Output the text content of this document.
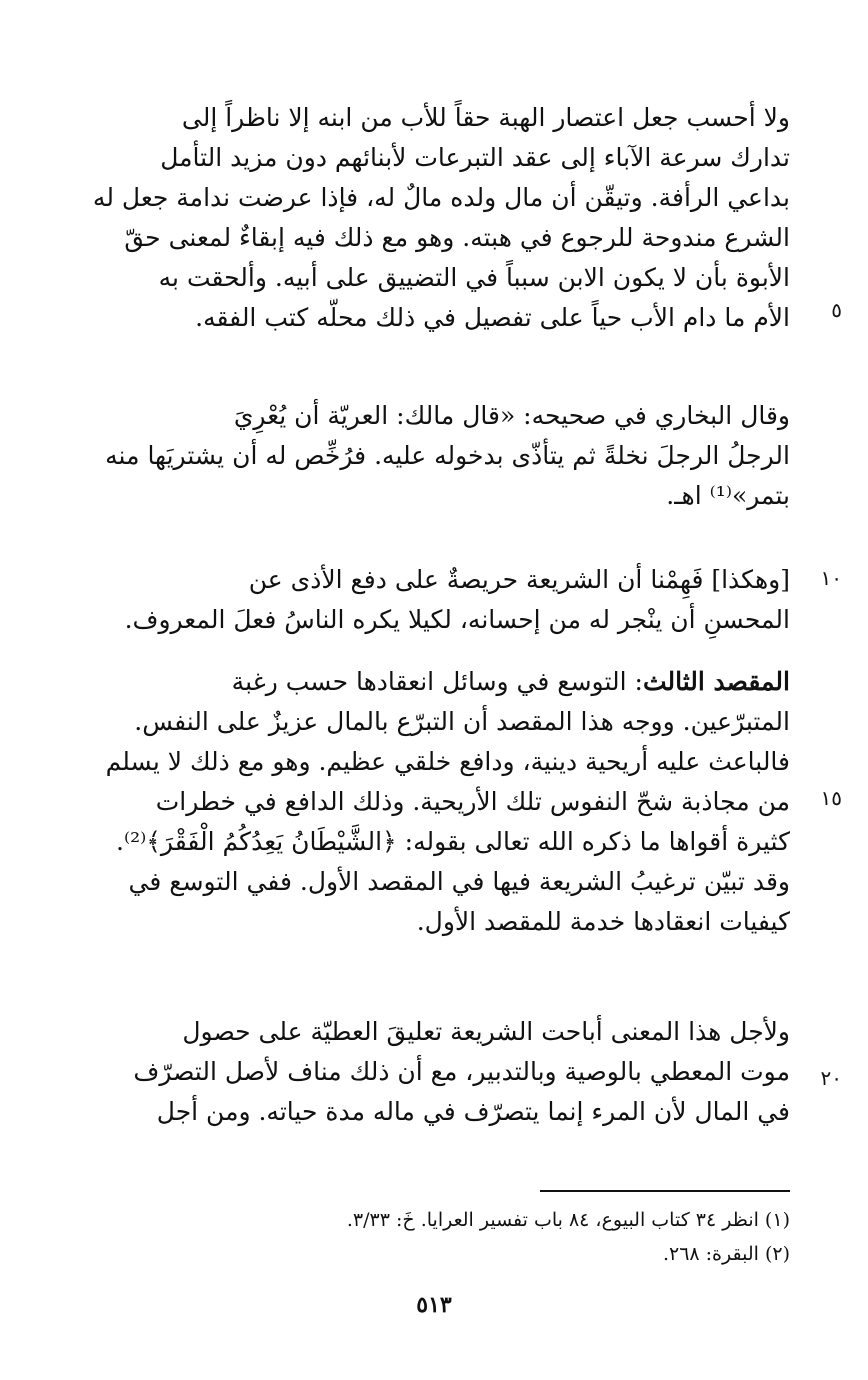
ولا أحسب جعل اعتصار الهبة حقاً للأب من ابنه إلا ناظراً إلى
تدارك سرعة الآباء إلى عقد التبرعات لأبنائهم دون مزيد التأمل
بداعي الرأفة. وتيقّن أن مال ولده مالٌ له، فإذا عرضت ندامة جعل له
الشرع مندوحة للرجوع في هبته. وهو مع ذلك فيه إبقاءٌ لمعنى حقّ
الأبوة بأن لا يكون الابن سبباً في التضييق على أبيه. وألحقت به
الأم ما دام الأب حياً على تفصيل في ذلك محلُّه كتب الفقه.
وقال البخاري في صحيحه: «قال مالك: العريّة أن يُعْرِيَ
الرجلُ الرجلَ نخلةً ثم يتأذّى بدخوله عليه. فرُخِّص له أن يشتريَها منه
بتمر»⁽¹⁾ اهـ.
[وهكذا] فَهِمْنا أن الشريعة حريصةٌ على دفع الأذى عن
المحسنِ أن ينْجر له من إحسانه، لكيلا يكره الناسُ فعلَ المعروف.
المقصد الثالث: التوسع في وسائل انعقادها حسب رغبة
المتبرّعين. ووجه هذا المقصد أن التبرّع بالمال عزيزٌ على النفس.
فالباعث عليه أريحية دينية، ودافع خلقي عظيم. وهو مع ذلك لا يسلم
من مجاذبة شحّ النفوس تلك الأريحية. وذلك الدافع في خطرات
كثيرة أقواها ما ذكره الله تعالى بقوله: ﴿الشَّيْطَانُ يَعِدُكُمُ الْفَقْرَ﴾⁽²⁾.
وقد تبيّن ترغيبُ الشريعة فيها في المقصد الأول. ففي التوسع في
كيفيات انعقادها خدمة للمقصد الأول.
ولأجل هذا المعنى أباحت الشريعة تعليقَ العطيّة على حصول
موت المعطي بالوصية وبالتدبير، مع أن ذلك مناف لأصل التصرّف
في المال لأن المرء إنما يتصرّف في ماله مدة حياته. ومن أجل
٥
١٠
١٥
٢٠
(١) انظر ٣٤ كتاب البيوع، ٨٤ باب تفسير العرايا. خَ: ٣/٣٣.
(٢) البقرة: ٢٦٨.
٥١٣
